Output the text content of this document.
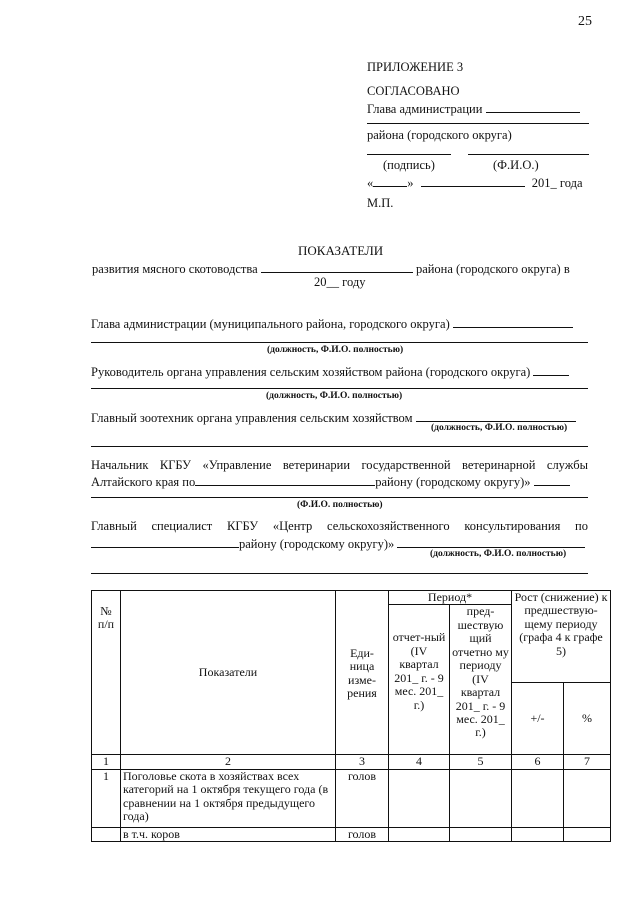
25
ПРИЛОЖЕНИЕ 3
СОГЛАСОВАНО
Глава администрации
района (городского округа)
(подпись)	(Ф.И.О.)
«	»	201_ года
М.П.
ПОКАЗАТЕЛИ
развития мясного скотоводства	района (городского округа) в
20__ году
Глава администрации (муниципального района, городского округа)
(должность, Ф.И.О. полностью)
Руководитель органа управления сельским хозяйством района (городского округа)
(должность, Ф.И.О. полностью)
Главный зоотехник органа управления сельским хозяйством
(должность, Ф.И.О. полностью)
Начальник КГБУ «Управление ветеринарии государственной ветеринарной службы
Алтайского края по	району (городскому округу)»
(Ф.И.О. полностью)
Главный специалист КГБУ «Центр сельскохозяйственного консультирования по
району (городскому округу)»
(должность, Ф.И.О. полностью)
№ п/п	Показатели	Еди-ница изме-рения	Период*		Рост (снижение) к предшествую-щему периоду (графа 4 к графе 5)	
			отчет-ный (IV квартал 201_ г. - 9 мес. 201_ г.)	пред-шествую щий отчетно му периоду (IV квартал 201_ г. - 9 мес. 201_ г.)		
					+/-	%
1	2	3	4	5	6	7
1	Поголовье скота в хозяйствах всех категорий на 1 октября текущего года (в сравнении на 1 октября предыдущего года)	голов				
	в т.ч. коров	голов				
